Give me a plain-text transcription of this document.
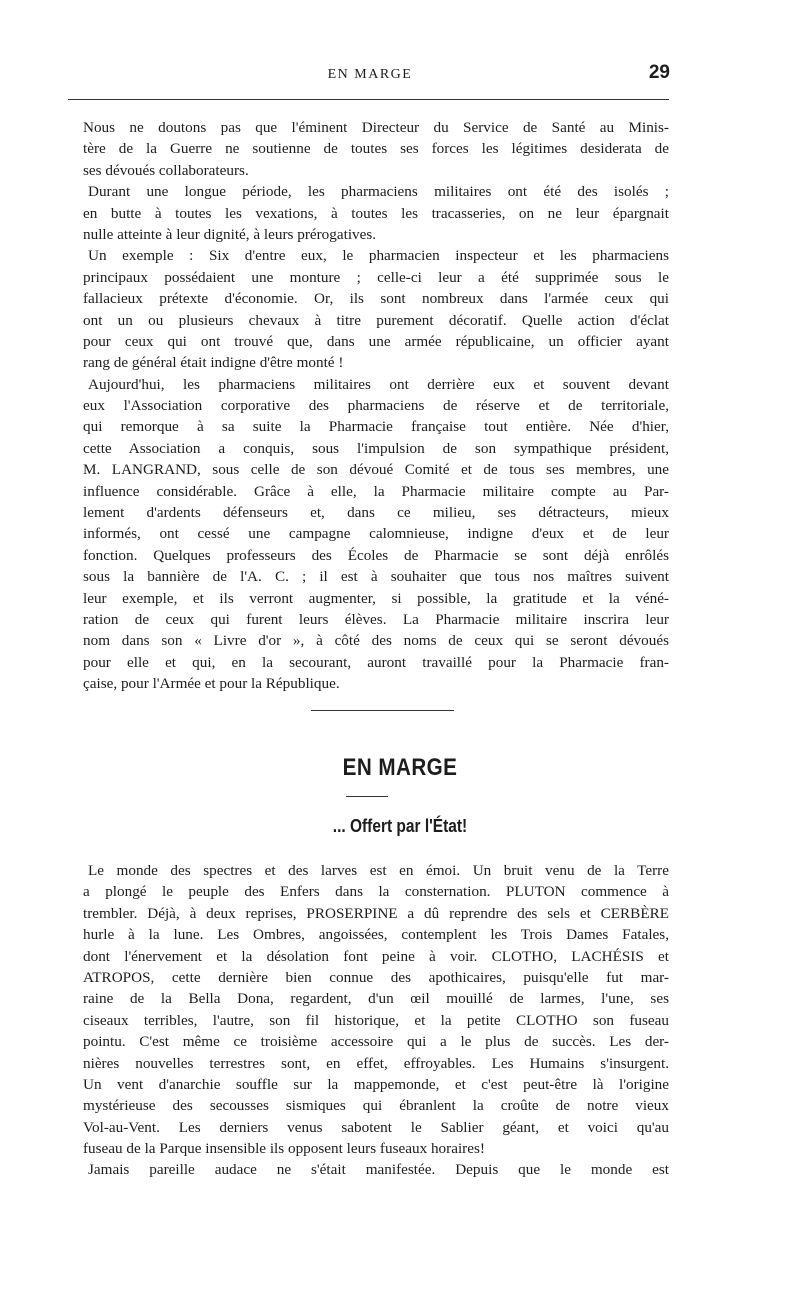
EN MARGE	29
Nous ne doutons pas que l'éminent Directeur du Service de Santé au Minis-
tère de la Guerre ne soutienne de toutes ses forces les légitimes desiderata de
ses dévoués collaborateurs.
Durant une longue période, les pharmaciens militaires ont été des isolés ;
en butte à toutes les vexations, à toutes les tracasseries, on ne leur épargnait
nulle atteinte à leur dignité, à leurs prérogatives.
Un exemple : Six d'entre eux, le pharmacien inspecteur et les pharmaciens
principaux possédaient une monture ; celle-ci leur a été supprimée sous le
fallacieux prétexte d'économie. Or, ils sont nombreux dans l'armée ceux qui
ont un ou plusieurs chevaux à titre purement décoratif. Quelle action d'éclat
pour ceux qui ont trouvé que, dans une armée républicaine, un officier ayant
rang de général était indigne d'être monté !
Aujourd'hui, les pharmaciens militaires ont derrière eux et souvent devant
eux l'Association corporative des pharmaciens de réserve et de territoriale,
qui remorque à sa suite la Pharmacie française tout entière. Née d'hier,
cette Association a conquis, sous l'impulsion de son sympathique président,
M. LANGRAND, sous celle de son dévoué Comité et de tous ses membres, une
influence considérable. Grâce à elle, la Pharmacie militaire compte au Par-
lement d'ardents défenseurs et, dans ce milieu, ses détracteurs, mieux
informés, ont cessé une campagne calomnieuse, indigne d'eux et de leur
fonction. Quelques professeurs des Écoles de Pharmacie se sont déjà enrôlés
sous la bannière de l'A. C. ; il est à souhaiter que tous nos maîtres suivent
leur exemple, et ils verront augmenter, si possible, la gratitude et la véné-
ration de ceux qui furent leurs élèves. La Pharmacie militaire inscrira leur
nom dans son « Livre d'or », à côté des noms de ceux qui se seront dévoués
pour elle et qui, en la secourant, auront travaillé pour la Pharmacie fran-
çaise, pour l'Armée et pour la République.
EN MARGE
... Offert par l'État!
Le monde des spectres et des larves est en émoi. Un bruit venu de la Terre
a plongé le peuple des Enfers dans la consternation. PLUTON commence à
trembler. Déjà, à deux reprises, PROSERPINE a dû reprendre des sels et CERBÈRE
hurle à la lune. Les Ombres, angoissées, contemplent les Trois Dames Fatales,
dont l'énervement et la désolation font peine à voir. CLOTHO, LACHÉSIS et
ATROPOS, cette dernière bien connue des apothicaires, puisqu'elle fut mar-
raine de la Bella Dona, regardent, d'un œil mouillé de larmes, l'une, ses
ciseaux terribles, l'autre, son fil historique, et la petite CLOTHO son fuseau
pointu. C'est même ce troisième accessoire qui a le plus de succès. Les der-
nières nouvelles terrestres sont, en effet, effroyables. Les Humains s'insurgent.
Un vent d'anarchie souffle sur la mappemonde, et c'est peut-être là l'origine
mystérieuse des secousses sismiques qui ébranlent la croûte de notre vieux
Vol-au-Vent. Les derniers venus sabotent le Sablier géant, et voici qu'au
fuseau de la Parque insensible ils opposent leurs fuseaux horaires!
Jamais pareille audace ne s'était manifestée. Depuis que le monde est
